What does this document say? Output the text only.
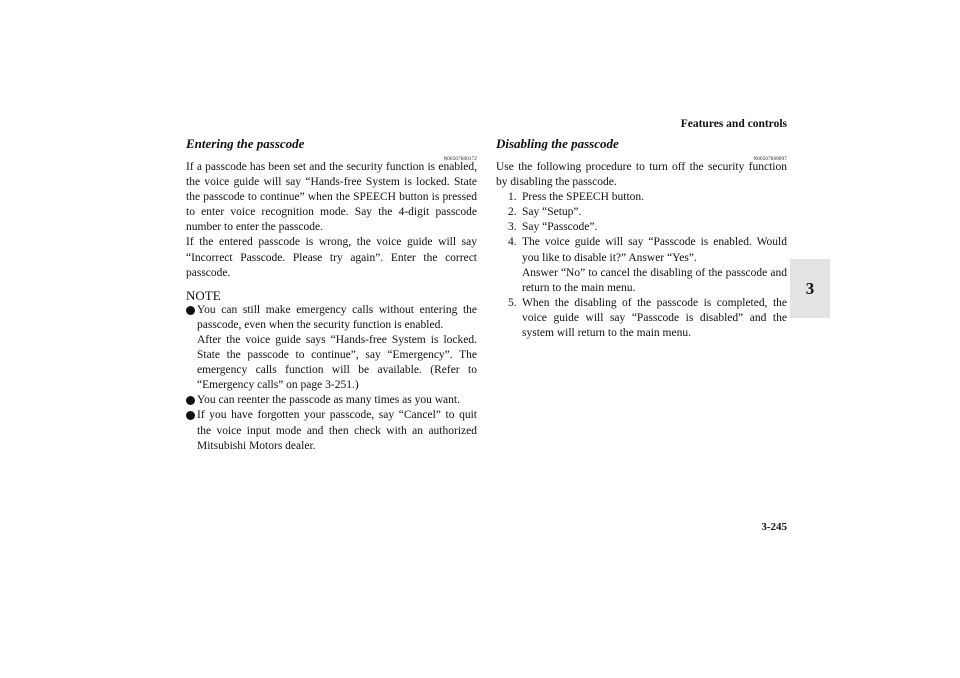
Features and controls
3
Entering the passcode
N00507600172

If a passcode has been set and the security function is enabled, the voice guide will say “Hands-free System is locked. State the passcode to continue” when the SPEECH button is pressed to enter voice recognition mode. Say the 4-digit passcode number to enter the passcode.

If the entered passcode is wrong, the voice guide will say “Incorrect Passcode. Please try again”. Enter the correct passcode.

NOTE

You can still make emergency calls without entering the passcode, even when the security function is enabled.

After the voice guide says “Hands-free System is locked. State the passcode to continue”, say “Emergency”. The emergency calls function will be available. (Refer to “Emergency calls” on page 3-251.)

You can reenter the passcode as many times as you want.

If you have forgotten your passcode, say “Cancel” to quit the voice input mode and then check with an authorized Mitsubishi Motors dealer.

Disabling the passcode
N00507600097

Use the following procedure to turn off the security function by disabling the passcode.

1. Press the SPEECH button.

2. Say “Setup”.

3. Say “Passcode”.

4. The voice guide will say “Passcode is enabled. Would you like to disable it?” Answer “Yes”.

Answer “No” to cancel the disabling of the passcode and return to the main menu.

5. When the disabling of the passcode is completed, the voice guide will say “Passcode is disabled” and the system will return to the main menu.

3-245
